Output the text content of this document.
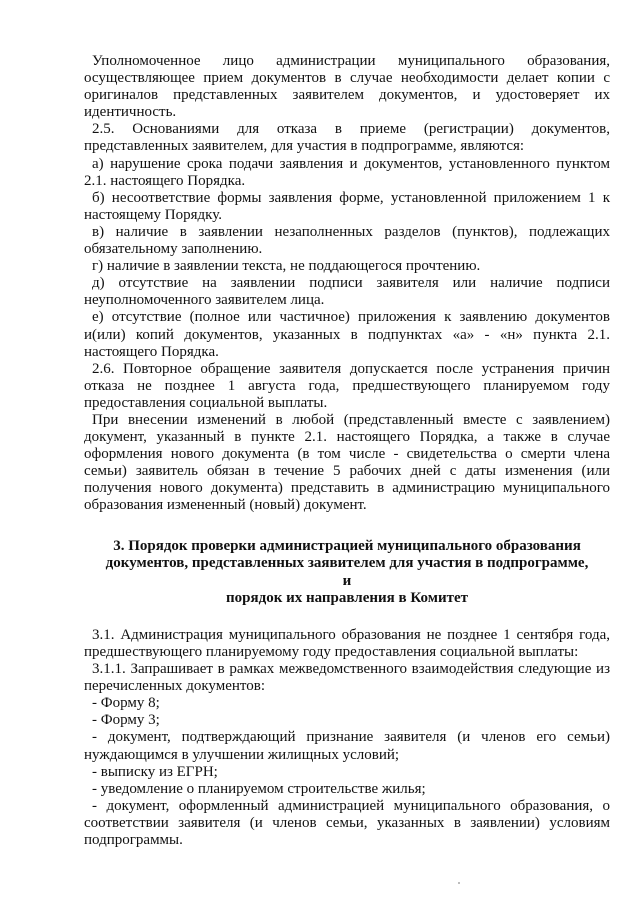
Уполномоченное лицо администрации муниципального образования, осуществляющее прием документов в случае необходимости делает копии с оригиналов представленных заявителем документов, и удостоверяет их идентичность.

2.5. Основаниями для отказа в приеме (регистрации) документов, представленных заявителем, для участия в подпрограмме, являются:

а) нарушение срока подачи заявления и документов, установленного пунктом 2.1. настоящего Порядка.

б) несоответствие формы заявления форме, установленной приложением 1 к настоящему Порядку.

в) наличие в заявлении незаполненных разделов (пунктов), подлежащих обязательному заполнению.

г) наличие в заявлении текста, не поддающегося прочтению.

д) отсутствие на заявлении подписи заявителя или наличие подписи неуполномоченного заявителем лица.

е) отсутствие (полное или частичное) приложения к заявлению документов и(или) копий документов, указанных в подпунктах «а» - «н» пункта 2.1. настоящего Порядка.

2.6. Повторное обращение заявителя допускается после устранения причин отказа не позднее 1 августа года, предшествующего планируемом году предоставления социальной выплаты.

При внесении изменений в любой (представленный вместе с заявлением) документ, указанный в пункте 2.1. настоящего Порядка, а также в случае оформления нового документа (в том числе - свидетельства о смерти члена семьи) заявитель обязан в течение 5 рабочих дней с даты изменения (или получения нового документа) представить в администрацию муниципального образования измененный (новый) документ.

3. Порядок проверки администрацией муниципального образования
документов, представленных заявителем для участия в подпрограмме, и
порядок их направления в Комитет

3.1. Администрация муниципального образования не позднее 1 сентября года, предшествующего планируемому году предоставления социальной выплаты:

3.1.1. Запрашивает в рамках межведомственного взаимодействия следующие из перечисленных документов:

- Форму 8;

- Форму 3;

- документ, подтверждающий признание заявителя (и членов его семьи) нуждающимся в улучшении жилищных условий;

- выписку из ЕГРН;

- уведомление о планируемом строительстве жилья;

- документ, оформленный администрацией муниципального образования, о соответствии заявителя (и членов семьи, указанных в заявлении) условиям подпрограммы.
